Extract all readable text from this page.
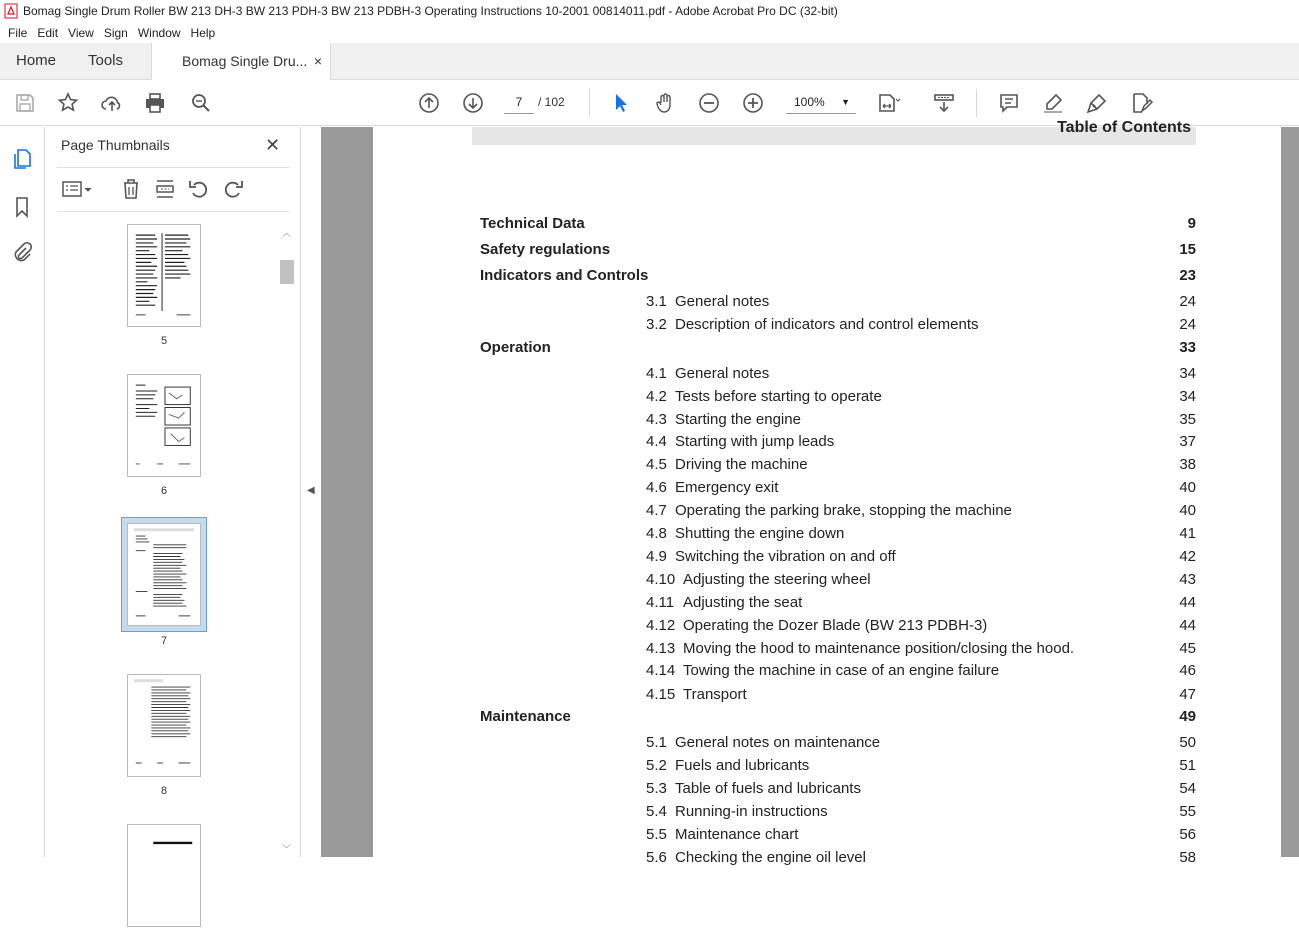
Bomag Single Drum Roller BW 213 DH-3 BW 213 PDH-3 BW 213 PDBH-3 Operating Instructions 10-2001 00814011.pdf - Adobe Acrobat Pro DC (32-bit)
File Edit View Sign Window Help
Home Tools	Bomag Single Dru... ×
7	/ 102	100% ▼
Page Thumbnails	✕
5
6
7
8
︿
﹀
◀
Table of Contents
Technical Data	9
Safety regulations	15
Indicators and Controls	23
3.1 General notes	24
3.2 Description of indicators and control elements	24
Operation	33
4.1 General notes	34
4.2 Tests before starting to operate	34
4.3 Starting the engine	35
4.4 Starting with jump leads	37
4.5 Driving the machine	38
4.6 Emergency exit	40
4.7 Operating the parking brake, stopping the machine	40
4.8 Shutting the engine down	41
4.9 Switching the vibration on and off	42
4.10 Adjusting the steering wheel	43
4.11 Adjusting the seat	44
4.12 Operating the Dozer Blade (BW 213 PDBH-3)	44
4.13 Moving the hood to maintenance position/closing the hood.	45
4.14 Towing the machine in case of an engine failure	46
4.15 Transport	47
Maintenance	49
5.1 General notes on maintenance	50
5.2 Fuels and lubricants	51
5.3 Table of fuels and lubricants	54
5.4 Running-in instructions	55
5.5 Maintenance chart	56
5.6 Checking the engine oil level	58
